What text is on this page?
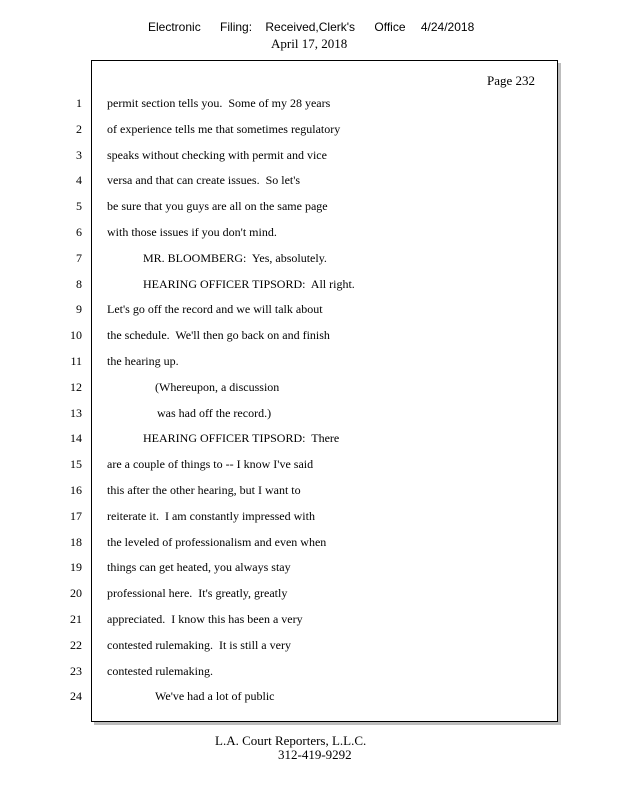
Electronic Filing: Received,Clerk's Office 4/24/2018
April 17, 2018
Page 232
1
2
3
4
5
6
7
8
9
10
11
12
13
14
15
16
17
18
19
20
21
22
23
24
permit section tells you.  Some of my 28 years
of experience tells me that sometimes regulatory
speaks without checking with permit and vice
versa and that can create issues.  So let's
be sure that you guys are all on the same page
with those issues if you don't mind.
MR. BLOOMBERG:  Yes, absolutely.
HEARING OFFICER TIPSORD:  All right.
Let's go off the record and we will talk about
the schedule.  We'll then go back on and finish
the hearing up.
(Whereupon, a discussion
was had off the record.)
HEARING OFFICER TIPSORD:  There
are a couple of things to -- I know I've said
this after the other hearing, but I want to
reiterate it.  I am constantly impressed with
the leveled of professionalism and even when
things can get heated, you always stay
professional here.  It's greatly, greatly
appreciated.  I know this has been a very
contested rulemaking.  It is still a very
contested rulemaking.
We've had a lot of public
L.A. Court Reporters, L.L.C.
312-419-9292
